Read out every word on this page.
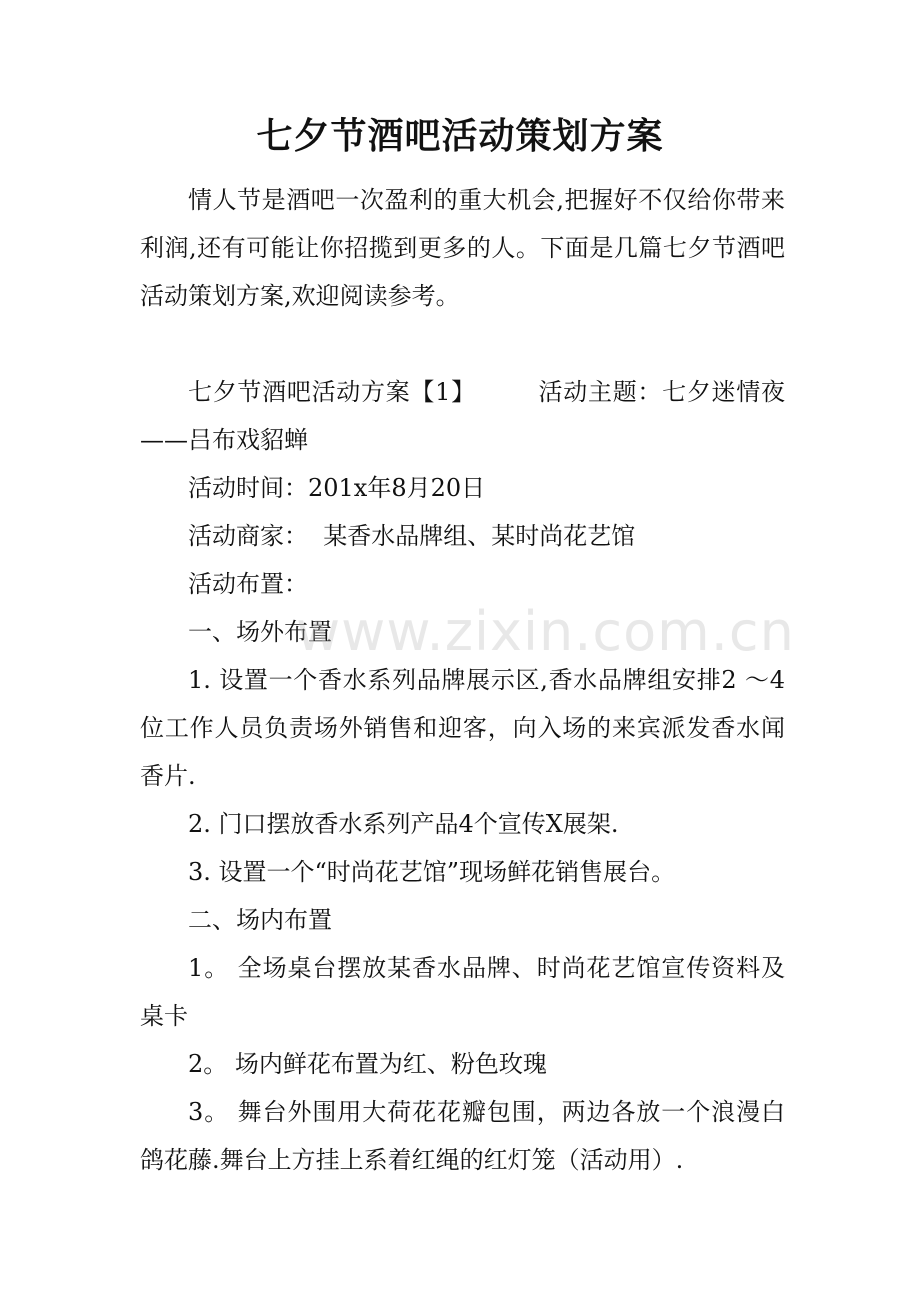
七夕节酒吧活动策划方案

情人节是酒吧一次盈利的重大机会,把握好不仅给你带来利润,还有可能让你招揽到更多的人。下面是几篇七夕节酒吧活动策划方案,欢迎阅读参考。

七夕节酒吧活动方案【1】	活动主题：七夕迷情夜——吕布戏貂蝉

活动时间：201x年8月20日

活动商家：  某香水品牌组、某时尚花艺馆

活动布置：

一、场外布置

1. 设置一个香水系列品牌展示区,香水品牌组安排2 ～4位工作人员负责场外销售和迎客，向入场的来宾派发香水闻香片.

2. 门口摆放香水系列产品4个宣传X展架.

3. 设置一个“时尚花艺馆”现场鲜花销售展台。

二、场内布置

1。 全场桌台摆放某香水品牌、时尚花艺馆宣传资料及桌卡

2。 场内鲜花布置为红、粉色玫瑰

3。 舞台外围用大荷花花瓣包围，两边各放一个浪漫白鸽花藤.舞台上方挂上系着红绳的红灯笼（活动用）.

www.zixin.com.cn
